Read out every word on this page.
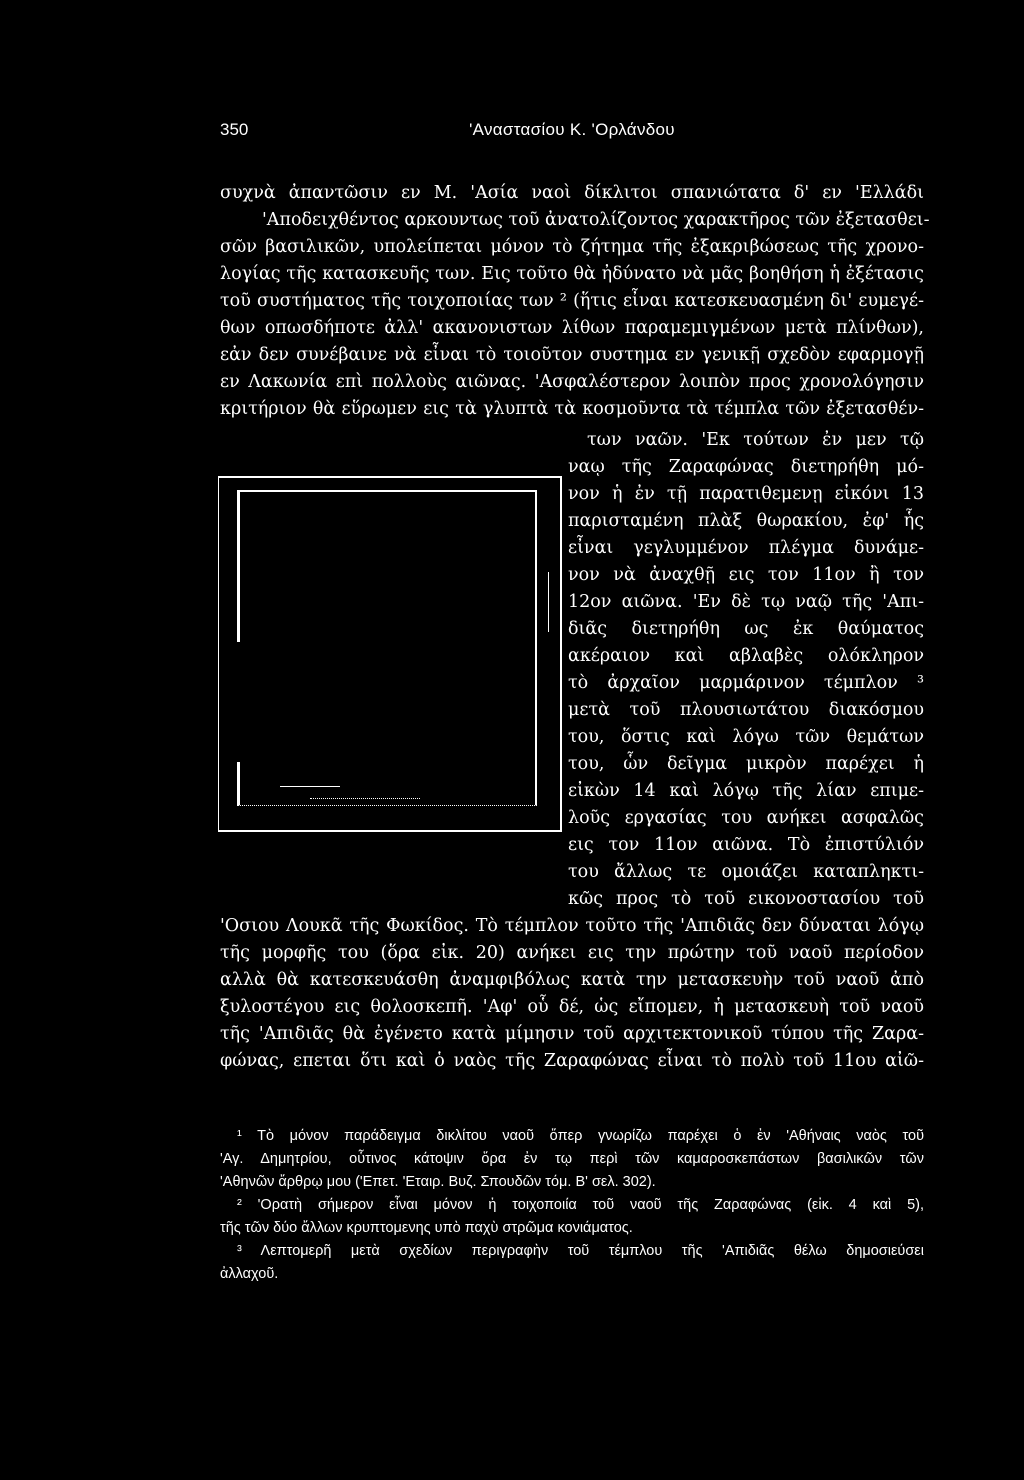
350	'Αναστασίου Κ. 'Ορλάνδου
συχνὰ ἀπαντῶσιν εν Μ. 'Ασία ναοὶ δίκλιτοι σπανιώτατα δ' εν 'Ελλάδι
'Αποδειχθέντος αρκουντως τοῦ ἀνατολίζοντος χαρακτῆρος τῶν ἐξετασθει-
σῶν βασιλικῶν, υπολείπεται μόνον τὸ ζήτημα τῆς ἐξακριβώσεως τῆς χρονο-
λογίας τῆς κατασκευῆς των. Εις τοῦτο θὰ ἠδύνατο νὰ μᾶς βοηθήση ἡ ἐξέτασις
τοῦ συστήματος τῆς τοιχοποιίας των ² (ἥτις εἶναι κατεσκευασμένη δι' ευμεγέ-
θων οπωσδήποτε ἀλλ' ακανονιστων λίθων παραμεμιγμένων μετὰ πλίνθων),
εἀν δεν συνέβαινε νὰ εἶναι τὸ τοιοῦτον συστημα εν γενικῇ σχεδὸν εφαρμογῇ
εν Λακωνία επὶ πολλοὺς αιῶνας. 'Ασφαλέστερον λοιπὸν προς χρονολόγησιν
κριτήριον θὰ εὕρωμεν εις τὰ γλυπτὰ τὰ κοσμοῦντα τὰ τέμπλα τῶν ἐξετασθέν-
των ναῶν. 'Εκ τούτων ἐν μεν τῷ
ναῳ τῆς Ζαραφώνας διετηρήθη μό-
νον ἡ ἐν τῇ παρατιθεμενῃ εἰκόνι 13
παρισταμένη πλὰξ θωρακίου, ἐφ' ἧς
εἶναι γεγλυμμένον πλέγμα δυνάμε-
νον νὰ ἀναχθῇ εις τον 11ον ἢ τον
12ον αιῶνα. 'Εν δὲ τῳ ναῷ τῆς 'Απι-
διᾶς διετηρήθη ως ἐκ θαύματος
ακέραιον καὶ αβλαβὲς ολόκληρον
τὸ ἀρχαῖον μαρμάρινον τέμπλον ³
μετὰ τοῦ πλουσιωτάτου διακόσμου
του, ὅστις καὶ λόγω τῶν θεμάτων
του, ὧν δεῖγμα μικρὸν παρέχει ἡ
εἰκὼν 14 καὶ λόγῳ τῆς λίαν επιμε-
λοῦς εργασίας του ανήκει ασφαλῶς
εις τον 11ον αιῶνα. Τὸ ἐπιστύλιόν
του ἄλλως τε ομοιάζει καταπληκτι-
κῶς προς τὸ τοῦ εικονοστασίου τοῦ
'Οσιου Λουκᾶ τῆς Φωκίδος. Τὸ τέμπλον τοῦτο τῆς 'Απιδιᾶς δεν δύναται λόγῳ
τῆς μορφῆς του (ὅρα εἰκ. 20) ανήκει εις την πρώτην τοῦ ναοῦ περίοδον
αλλὰ θὰ κατεσκευάσθη ἀναμφιβόλως κατὰ την μετασκευὴν τοῦ ναοῦ ἀπὸ
ξυλοστέγου εις θολοσκεπῆ. 'Αφ' οὗ δέ, ὡς εἴπομεν, ἡ μετασκευὴ τοῦ ναοῦ
τῆς 'Απιδιᾶς θὰ ἐγένετο κατὰ μίμησιν τοῦ αρχιτεκτονικοῦ τύπου τῆς Ζαρα-
φώνας, επεται ὅτι καὶ ὁ ναὸς τῆς Ζαραφώνας εἶναι τὸ πολὺ τοῦ 11ου αἰῶ-
¹ Τὸ μόνον παράδειγμα δικλίτου ναοῦ ὅπερ γνωρίζω παρέχει ὁ ἐν 'Αθήναις ναὸς τοῦ
'Αγ. Δημητρίου, οὗτινος κάτοψιν ὅρα ἐν τῳ περὶ τῶν καμαροσκεπάστων βασιλικῶν τῶν
'Αθηνῶν ἄρθρῳ μου ('Επετ. 'Εταιρ. Βυζ. Σπουδῶν τόμ. Β' σελ. 302).
² 'Ορατὴ σήμερον εἶναι μόνον ἡ τοιχοποιία τοῦ ναοῦ τῆς Ζαραφώνας (εἰκ. 4 καὶ 5),
τῆς τῶν δύο ἄλλων κρυπτομενης υπὸ παχὺ στρῶμα κονιάματος.
³ Λεπτομερῆ μετὰ σχεδίων περιγραφὴν τοῦ τέμπλου τῆς 'Απιδιᾶς θέλω δημοσιεύσει
ἀλλαχοῦ.
